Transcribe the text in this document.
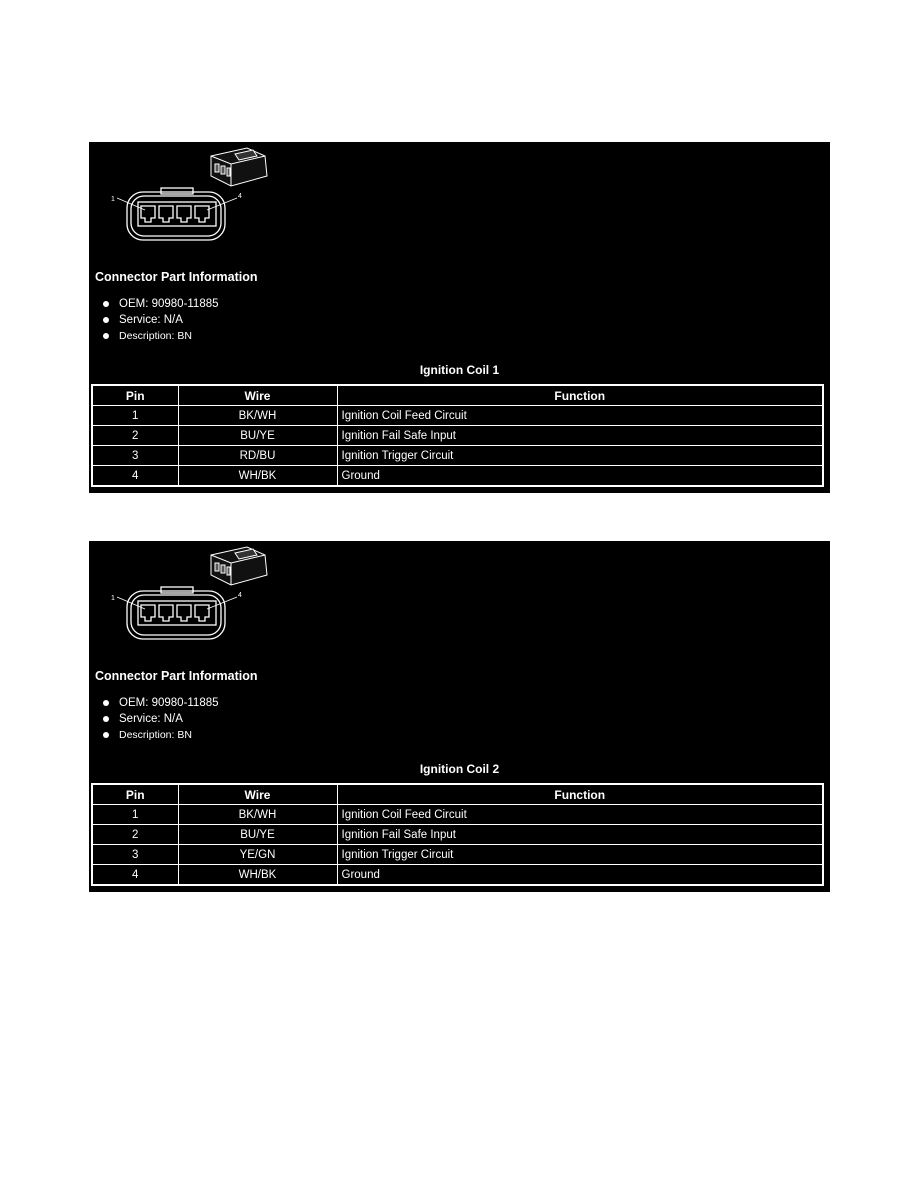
1	4
Connector Part Information
OEM: 90980-11885
Service: N/A
Description: BN
Ignition Coil 1
Pin	Wire	Function
1	BK/WH	Ignition Coil Feed Circuit
2	BU/YE	Ignition Fail Safe Input
3	RD/BU	Ignition Trigger Circuit
4	WH/BK	Ground
1	4
Connector Part Information
OEM: 90980-11885
Service: N/A
Description: BN
Ignition Coil 2
Pin	Wire	Function
1	BK/WH	Ignition Coil Feed Circuit
2	BU/YE	Ignition Fail Safe Input
3	YE/GN	Ignition Trigger Circuit
4	WH/BK	Ground
